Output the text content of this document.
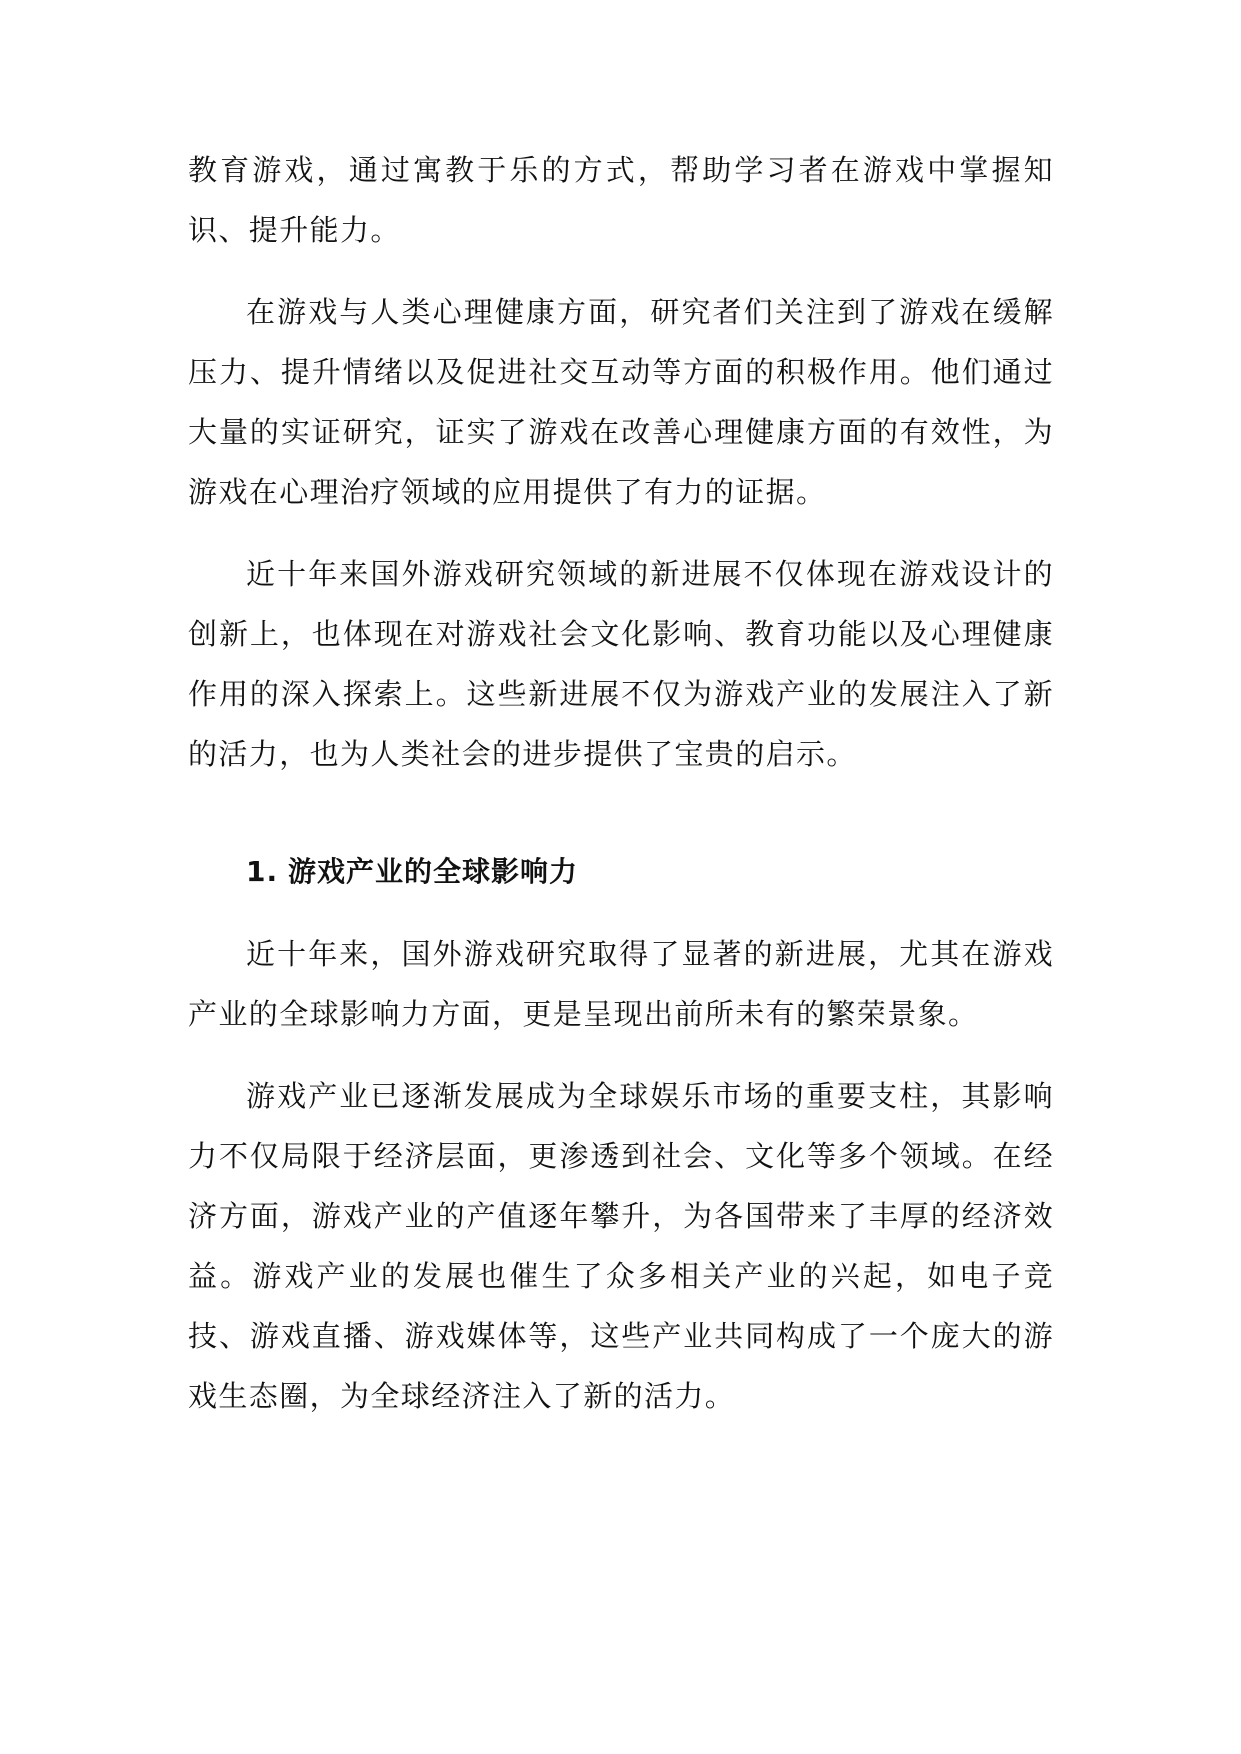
教育游戏，通过寓教于乐的方式，帮助学习者在游戏中掌握知识、提升能力。

在游戏与人类心理健康方面，研究者们关注到了游戏在缓解压力、提升情绪以及促进社交互动等方面的积极作用。他们通过大量的实证研究，证实了游戏在改善心理健康方面的有效性，为游戏在心理治疗领域的应用提供了有力的证据。

近十年来国外游戏研究领域的新进展不仅体现在游戏设计的创新上，也体现在对游戏社会文化影响、教育功能以及心理健康作用的深入探索上。这些新进展不仅为游戏产业的发展注入了新的活力，也为人类社会的进步提供了宝贵的启示。

1. 游戏产业的全球影响力

近十年来，国外游戏研究取得了显著的新进展，尤其在游戏产业的全球影响力方面，更是呈现出前所未有的繁荣景象。

游戏产业已逐渐发展成为全球娱乐市场的重要支柱，其影响力不仅局限于经济层面，更渗透到社会、文化等多个领域。在经济方面，游戏产业的产值逐年攀升，为各国带来了丰厚的经济效益。游戏产业的发展也催生了众多相关产业的兴起，如电子竞技、游戏直播、游戏媒体等，这些产业共同构成了一个庞大的游戏生态圈，为全球经济注入了新的活力。
